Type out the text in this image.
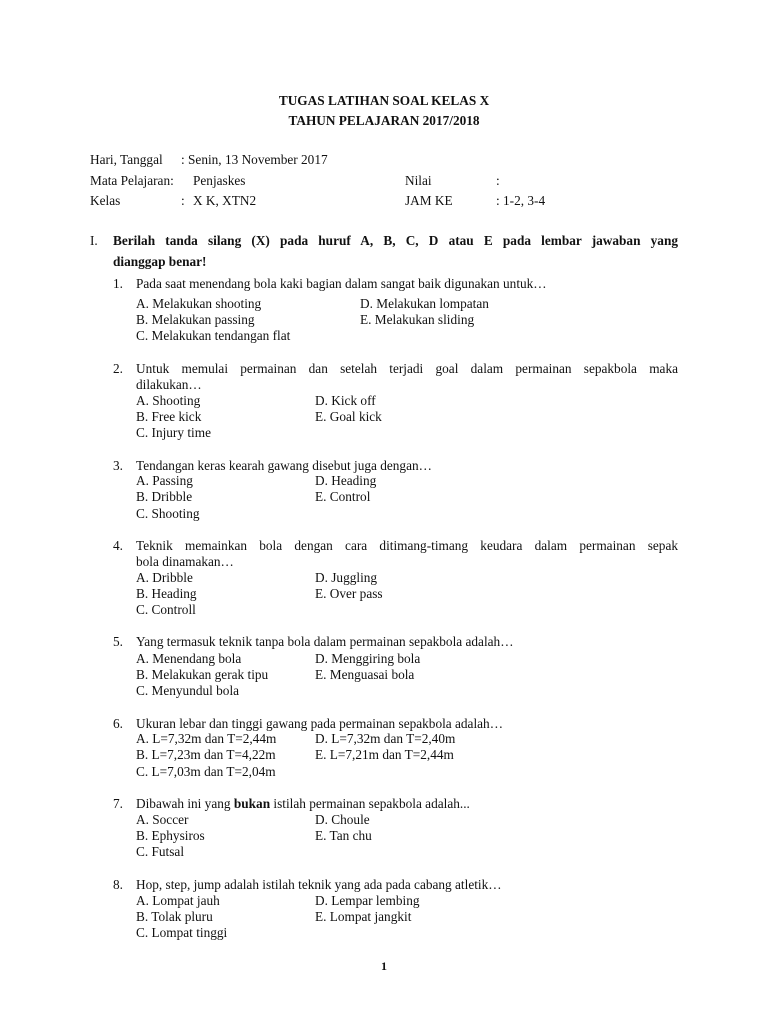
TUGAS LATIHAN SOAL KELAS X
TAHUN PELAJARAN 2017/2018
Hari, Tanggal : Senin, 13 November 2017
Mata Pelajaran: Penjaskes	Nilai	:
Kelas	: X K, XTN2	JAM KE	: 1-2, 3-4
I. Berilah tanda silang (X) pada huruf A, B, C, D atau E pada lembar jawaban yang
dianggap benar!
1. Pada saat menendang bola kaki bagian dalam sangat baik digunakan untuk…
A. Melakukan shooting
B. Melakukan passing
C. Melakukan tendangan flat
D. Melakukan lompatan
E. Melakukan sliding
2. Untuk memulai permainan dan setelah terjadi goal dalam permainan sepakbola maka
dilakukan…
A. Shooting
B. Free kick
C. Injury time
D. Kick off
E. Goal kick
3. Tendangan keras kearah gawang disebut juga dengan…
A. Passing
B. Dribble
C. Shooting
D. Heading
E. Control
4. Teknik memainkan bola dengan cara ditimang-timang keudara dalam permainan sepak
bola dinamakan…
A. Dribble
B. Heading
C. Controll
D. Juggling
E. Over pass
5. Yang termasuk teknik tanpa bola dalam permainan sepakbola adalah…
A. Menendang bola
B. Melakukan gerak tipu
C. Menyundul bola
D. Menggiring bola
E. Menguasai bola
6. Ukuran lebar dan tinggi gawang pada permainan sepakbola adalah…
A. L=7,32m dan T=2,44m
B. L=7,23m dan T=4,22m
C. L=7,03m dan T=2,04m
D. L=7,32m dan T=2,40m
E. L=7,21m dan T=2,44m
7. Dibawah ini yang bukan istilah permainan sepakbola adalah...
A. Soccer
B. Ephysiros
C. Futsal
D. Choule
E. Tan chu
8. Hop, step, jump adalah istilah teknik yang ada pada cabang atletik…
A. Lompat jauh
B. Tolak pluru
C. Lompat tinggi
D. Lempar lembing
E. Lompat jangkit
1
